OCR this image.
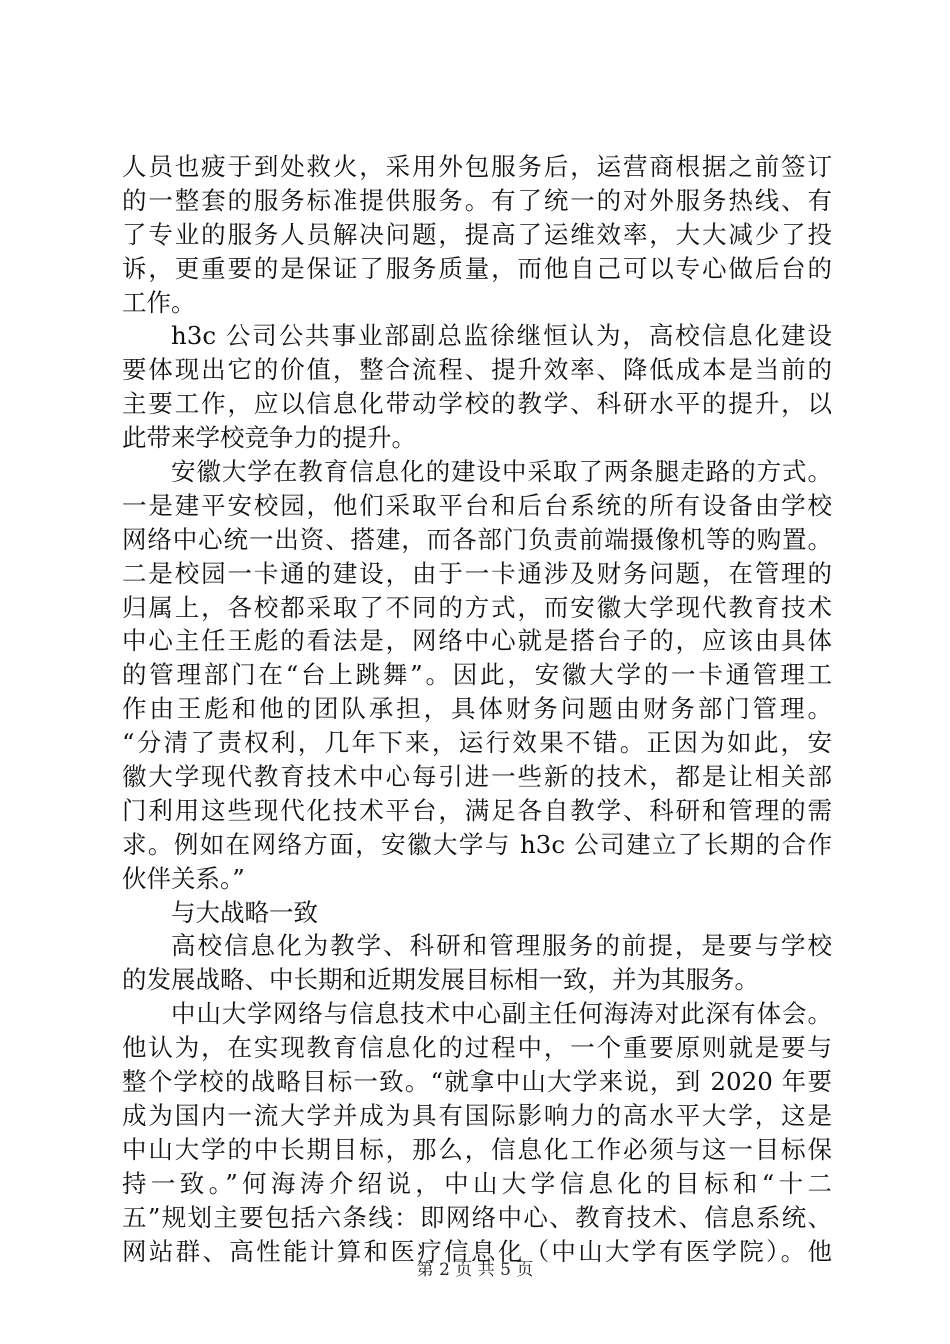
人员也疲于到处救火，采用外包服务后，运营商根据之前签订
的一整套的服务标准提供服务。有了统一的对外服务热线、有
了专业的服务人员解决问题，提高了运维效率，大大减少了投
诉，更重要的是保证了服务质量，而他自己可以专心做后台的
工作。
h3c 公司公共事业部副总监徐继恒认为，高校信息化建设
要体现出它的价值，整合流程、提升效率、降低成本是当前的
主要工作，应以信息化带动学校的教学、科研水平的提升，以
此带来学校竞争力的提升。
安徽大学在教育信息化的建设中采取了两条腿走路的方式。
一是建平安校园，他们采取平台和后台系统的所有设备由学校
网络中心统一出资、搭建，而各部门负责前端摄像机等的购置。
二是校园一卡通的建设，由于一卡通涉及财务问题，在管理的
归属上，各校都采取了不同的方式，而安徽大学现代教育技术
中心主任王彪的看法是，网络中心就是搭台子的，应该由具体
的管理部门在“台上跳舞”。因此，安徽大学的一卡通管理工
作由王彪和他的团队承担，具体财务问题由财务部门管理。
“分清了责权利，几年下来，运行效果不错。正因为如此，安
徽大学现代教育技术中心每引进一些新的技术，都是让相关部
门利用这些现代化技术平台，满足各自教学、科研和管理的需
求。例如在网络方面，安徽大学与 h3c 公司建立了长期的合作
伙伴关系。”
与大战略一致
高校信息化为教学、科研和管理服务的前提，是要与学校
的发展战略、中长期和近期发展目标相一致，并为其服务。
中山大学网络与信息技术中心副主任何海涛对此深有体会。
他认为，在实现教育信息化的过程中，一个重要原则就是要与
整个学校的战略目标一致。“就拿中山大学来说，到 2020 年要
成为国内一流大学并成为具有国际影响力的高水平大学，这是
中山大学的中长期目标，那么，信息化工作必须与这一目标保
持一致。”何海涛介绍说，中山大学信息化的目标和“十二
五”规划主要包括六条线：即网络中心、教育技术、信息系统、
网站群、高性能计算和医疗信息化（中山大学有医学院）。他
第 2 页 共 5 页
